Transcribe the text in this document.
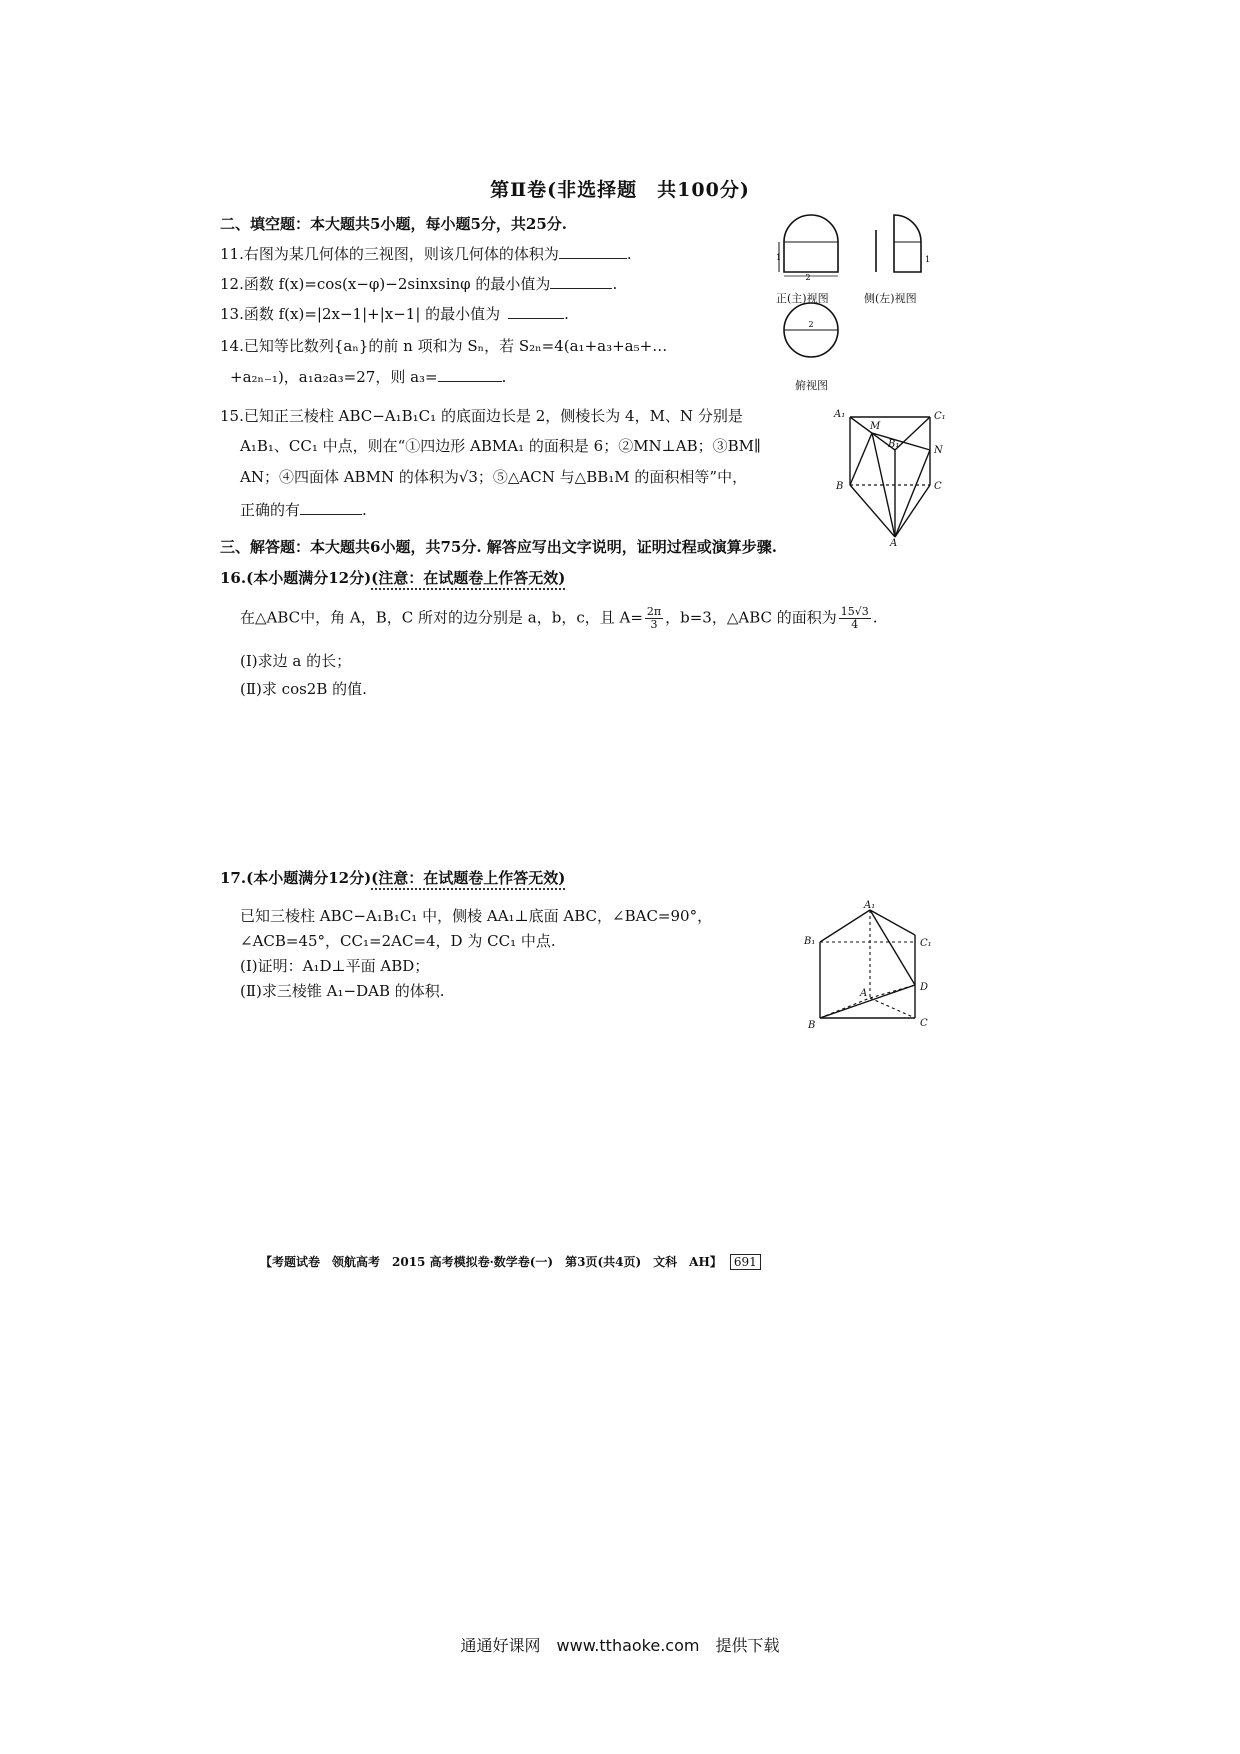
第Ⅱ卷(非选择题　共100分)
二、填空题：本大题共5小题，每小题5分，共25分.
11.右图为某几何体的三视图，则该几何体的体积为	.
12.函数 f(x)=cos(x−φ)−2sinxsinφ 的最小值为	.
13.函数 f(x)=|2x−1|+|x−1| 的最小值为	.
14.已知等比数列{aₙ}的前 n 项和为 Sₙ，若 S₂ₙ=4(a₁+a₃+a₅+…
+a₂ₙ₋₁)，a₁a₂a₃=27，则 a₃=	.
15.已知正三棱柱 ABC−A₁B₁C₁ 的底面边长是 2，侧棱长为 4，M、N 分别是
A₁B₁、CC₁ 中点，则在“①四边形 ABMA₁ 的面积是 6；②MN⊥AB；③BM∥
AN；④四面体 ABMN 的体积为√3；⑤△ACN 与△BB₁M 的面积相等”中，
正确的有	.
2
1	1
2
正(主)视图	侧(左)视图
俯视图
A₁
M
C₁
N
B₁
C
B
A
三、解答题：本大题共6小题，共75分. 解答应写出文字说明，证明过程或演算步骤.
16.(本小题满分12分)(注意：在试题卷上作答无效)
在△ABC中，角 A，B，C 所对的边分别是 a，b，c，且 $A= \frac{2\pi}{3}$ ，b=3，△ABC 的面积为 $\frac{15√3}{4}$ .
(Ⅰ)求边 a 的长；
(Ⅱ)求 cos2B 的值.
17.(本小题满分12分)(注意：在试题卷上作答无效)
已知三棱柱 ABC−A₁B₁C₁ 中，侧棱 AA₁⊥底面 ABC，∠BAC=90°，
∠ACB=45°，CC₁=2AC=4，D 为 CC₁ 中点.
(Ⅰ)证明：A₁D⊥平面 ABD；
(Ⅱ)求三棱锥 A₁−DAB 的体积.
A₁
B₁	C₁
A
D
B	C
【考题试卷　领航高考　2015 高考模拟卷·数学卷(一)　第3页(共4页)　文科　AH】 691
通通好课网　www.tthaoke.com　提供下载
